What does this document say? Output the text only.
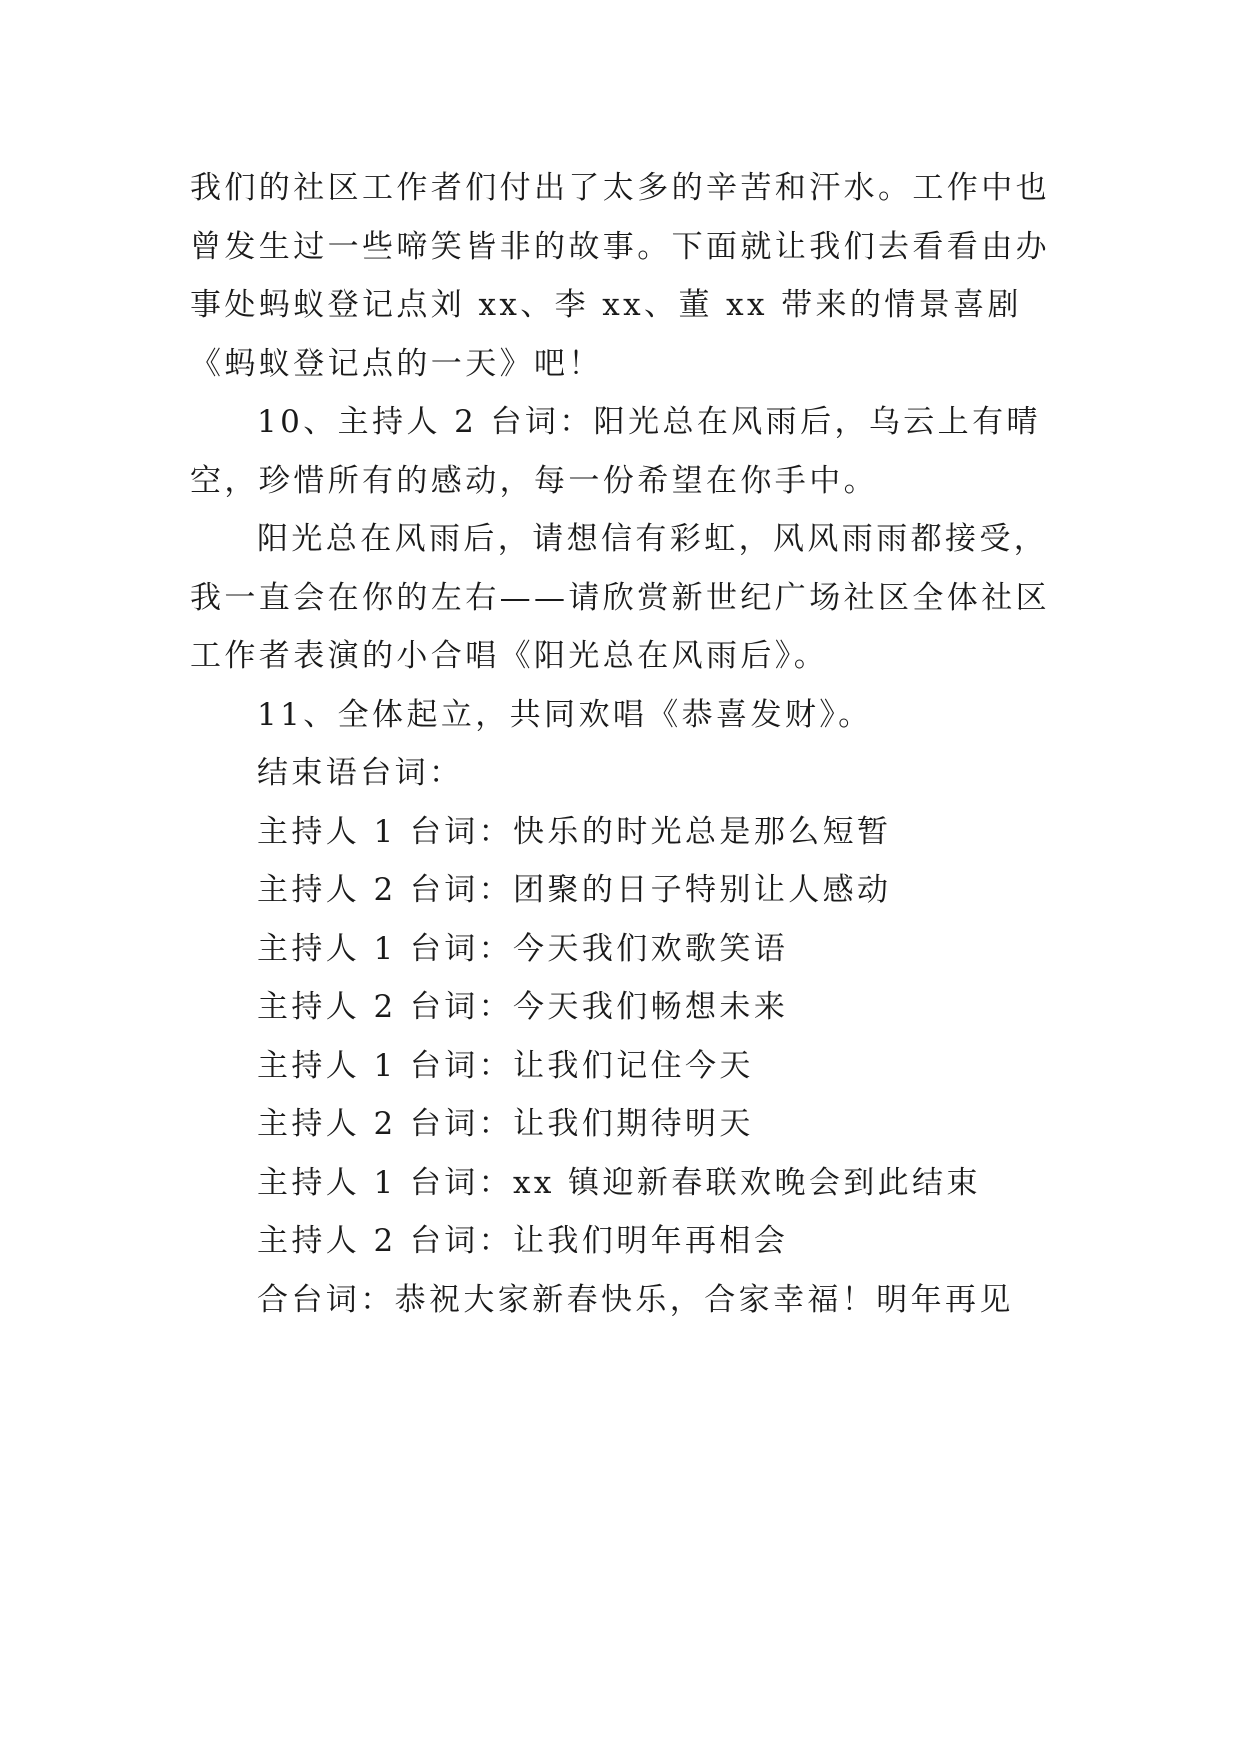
我们的社区工作者们付出了太多的辛苦和汗水。工作中也曾发生过一些啼笑皆非的故事。下面就让我们去看看由办事处蚂蚁登记点刘 xx、李 xx、董 xx 带来的情景喜剧《蚂蚁登记点的一天》吧！

10、主持人 2 台词：阳光总在风雨后，乌云上有晴空，珍惜所有的感动，每一份希望在你手中。

阳光总在风雨后，请想信有彩虹，风风雨雨都接受，我一直会在你的左右——请欣赏新世纪广场社区全体社区工作者表演的小合唱《阳光总在风雨后》。

11、全体起立，共同欢唱《恭喜发财》。

结束语台词：

主持人 1 台词：快乐的时光总是那么短暂

主持人 2 台词：团聚的日子特别让人感动

主持人 1 台词：今天我们欢歌笑语

主持人 2 台词：今天我们畅想未来

主持人 1 台词：让我们记住今天

主持人 2 台词：让我们期待明天

主持人 1 台词：xx 镇迎新春联欢晚会到此结束

主持人 2 台词：让我们明年再相会

合台词：恭祝大家新春快乐，合家幸福！明年再见
